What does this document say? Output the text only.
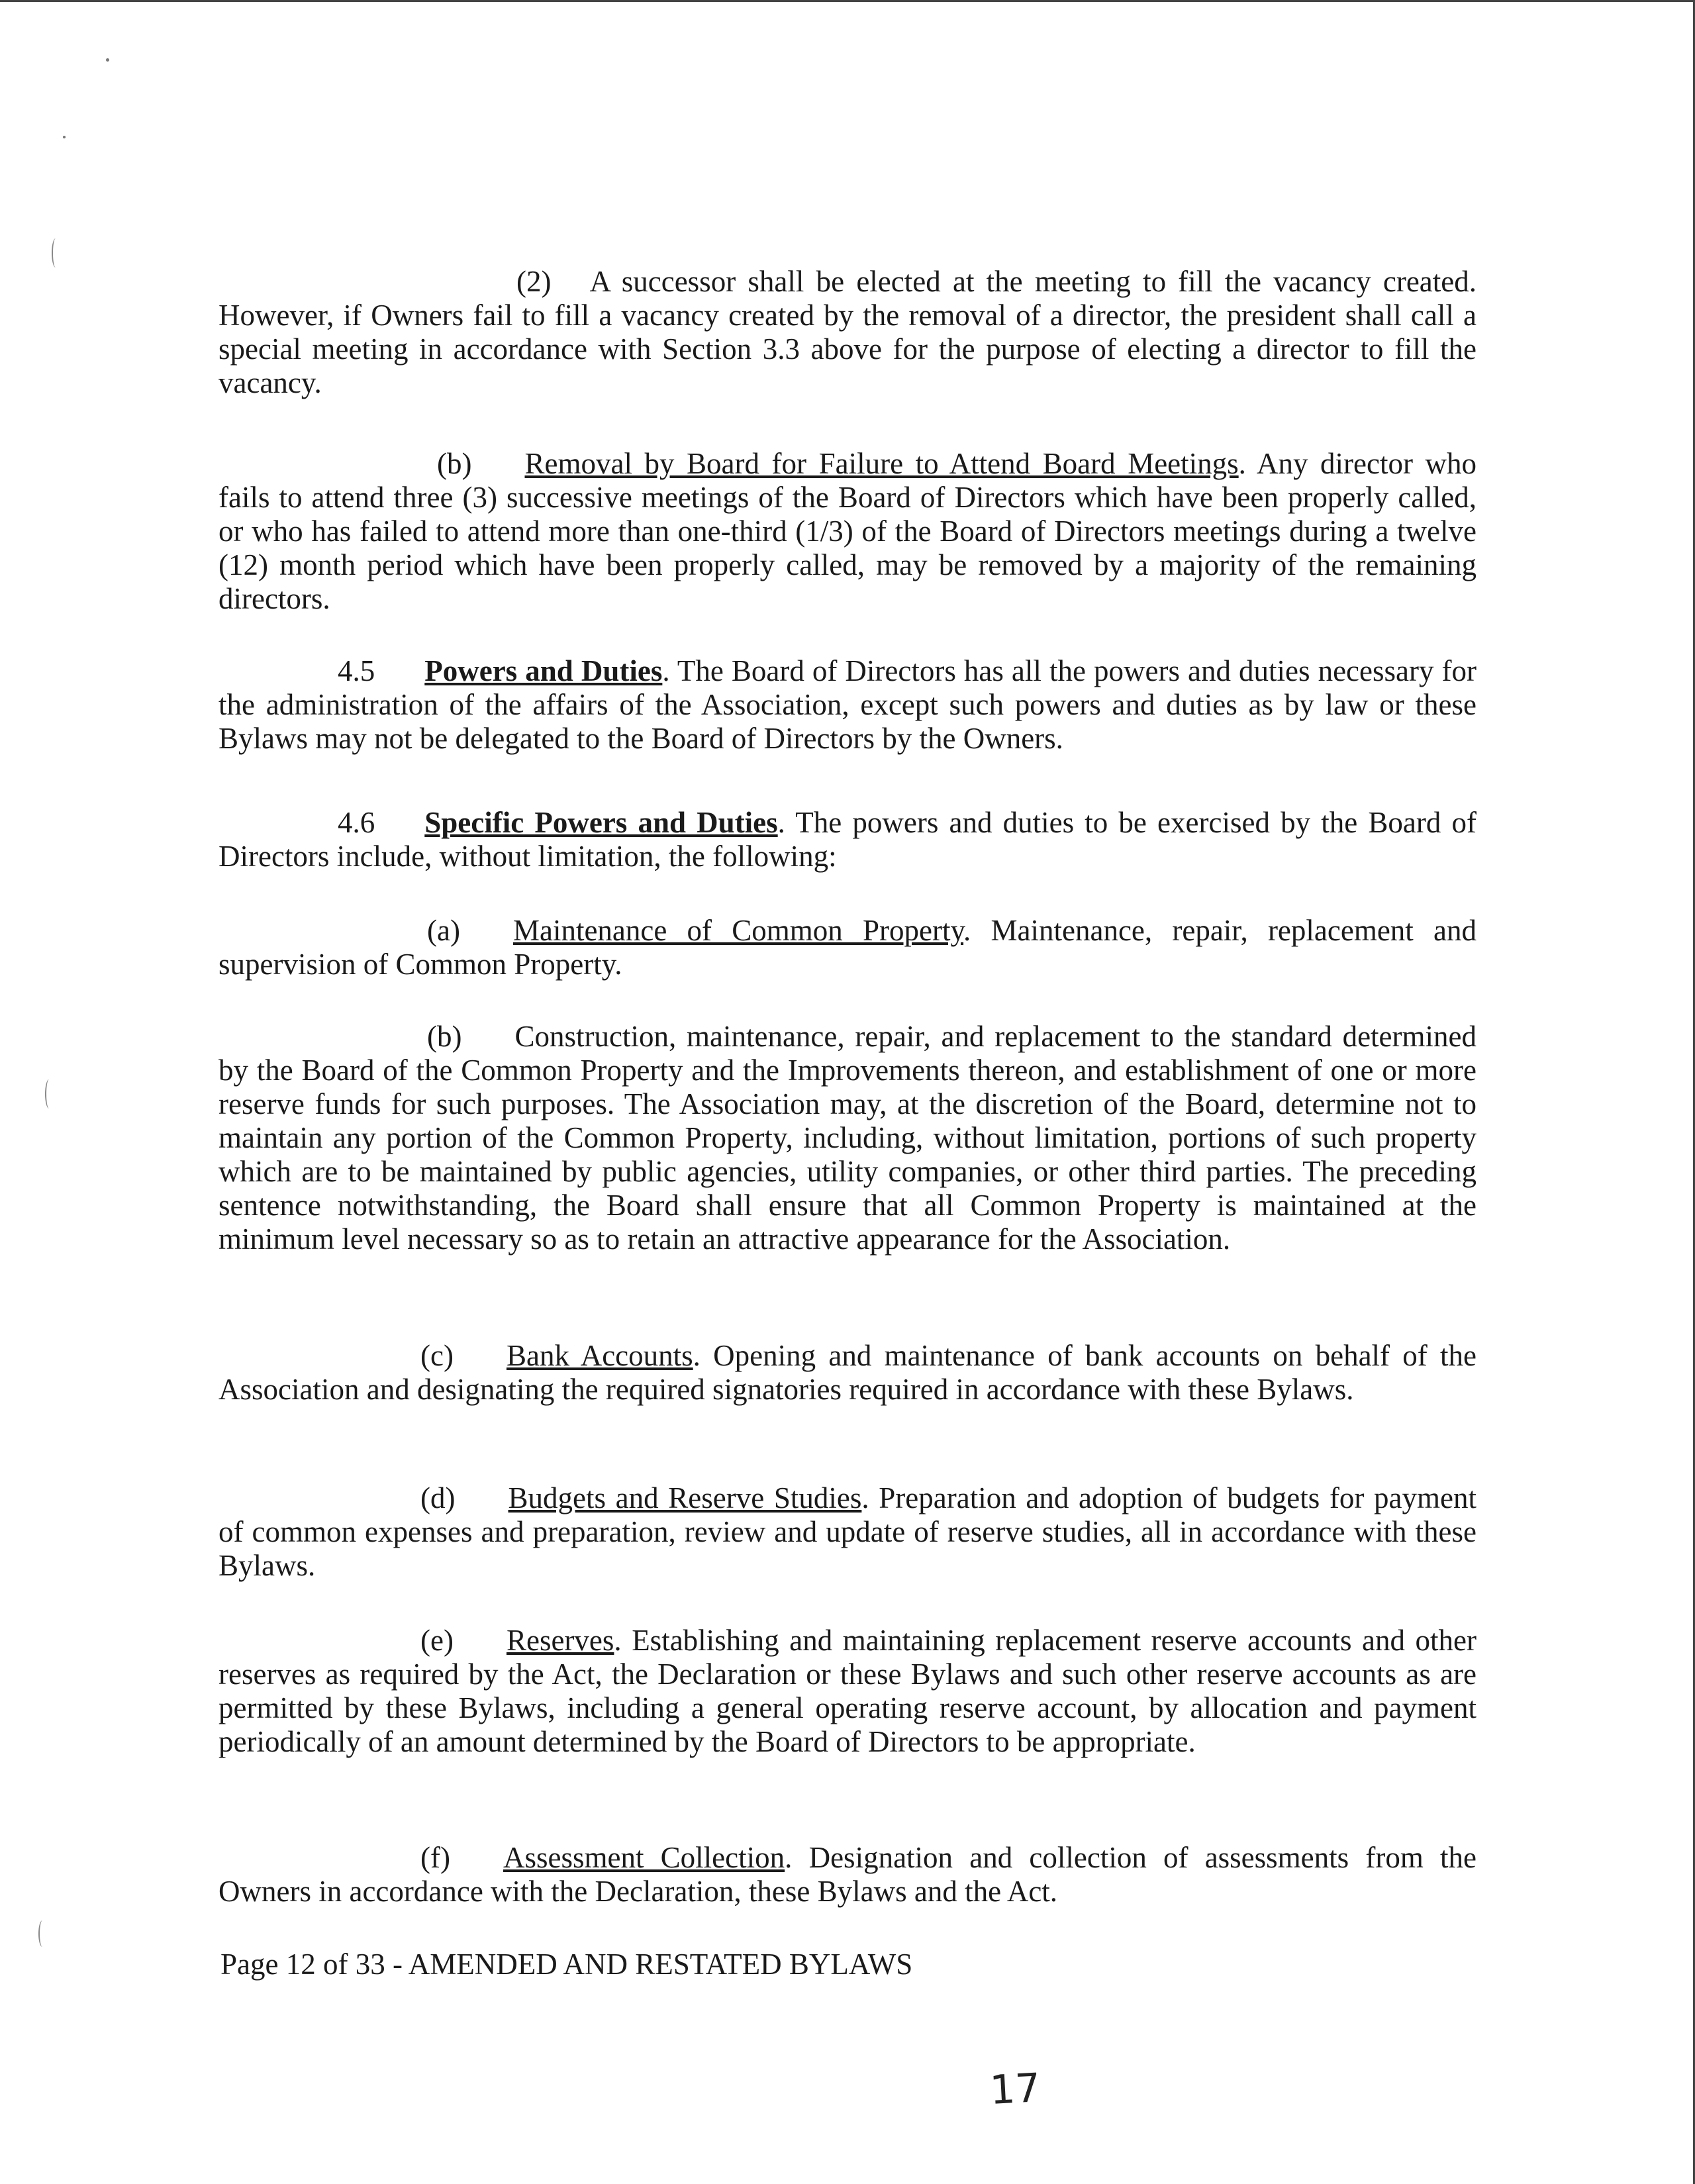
(2) A successor shall be elected at the meeting to fill the vacancy created. However, if Owners fail to fill a vacancy created by the removal of a director, the president shall call a special meeting in accordance with Section 3.3 above for the purpose of electing a director to fill the vacancy.
(b) Removal by Board for Failure to Attend Board Meetings. Any director who fails to attend three (3) successive meetings of the Board of Directors which have been properly called, or who has failed to attend more than one-third (1/3) of the Board of Directors meetings during a twelve (12) month period which have been properly called, may be removed by a majority of the remaining directors.
4.5 Powers and Duties. The Board of Directors has all the powers and duties necessary for the administration of the affairs of the Association, except such powers and duties as by law or these Bylaws may not be delegated to the Board of Directors by the Owners.
4.6 Specific Powers and Duties. The powers and duties to be exercised by the Board of Directors include, without limitation, the following:
(a) Maintenance of Common Property. Maintenance, repair, replacement and supervision of Common Property.
(b) Construction, maintenance, repair, and replacement to the standard determined by the Board of the Common Property and the Improvements thereon, and establishment of one or more reserve funds for such purposes. The Association may, at the discretion of the Board, determine not to maintain any portion of the Common Property, including, without limitation, portions of such property which are to be maintained by public agencies, utility companies, or other third parties. The preceding sentence notwithstanding, the Board shall ensure that all Common Property is maintained at the minimum level necessary so as to retain an attractive appearance for the Association.
(c) Bank Accounts. Opening and maintenance of bank accounts on behalf of the Association and designating the required signatories required in accordance with these Bylaws.
(d) Budgets and Reserve Studies. Preparation and adoption of budgets for payment of common expenses and preparation, review and update of reserve studies, all in accordance with these Bylaws.
(e) Reserves. Establishing and maintaining replacement reserve accounts and other reserves as required by the Act, the Declaration or these Bylaws and such other reserve accounts as are permitted by these Bylaws, including a general operating reserve account, by allocation and payment periodically of an amount determined by the Board of Directors to be appropriate.
(f) Assessment Collection. Designation and collection of assessments from the Owners in accordance with the Declaration, these Bylaws and the Act.
Page 12 of 33 - AMENDED AND RESTATED BYLAWS
17
